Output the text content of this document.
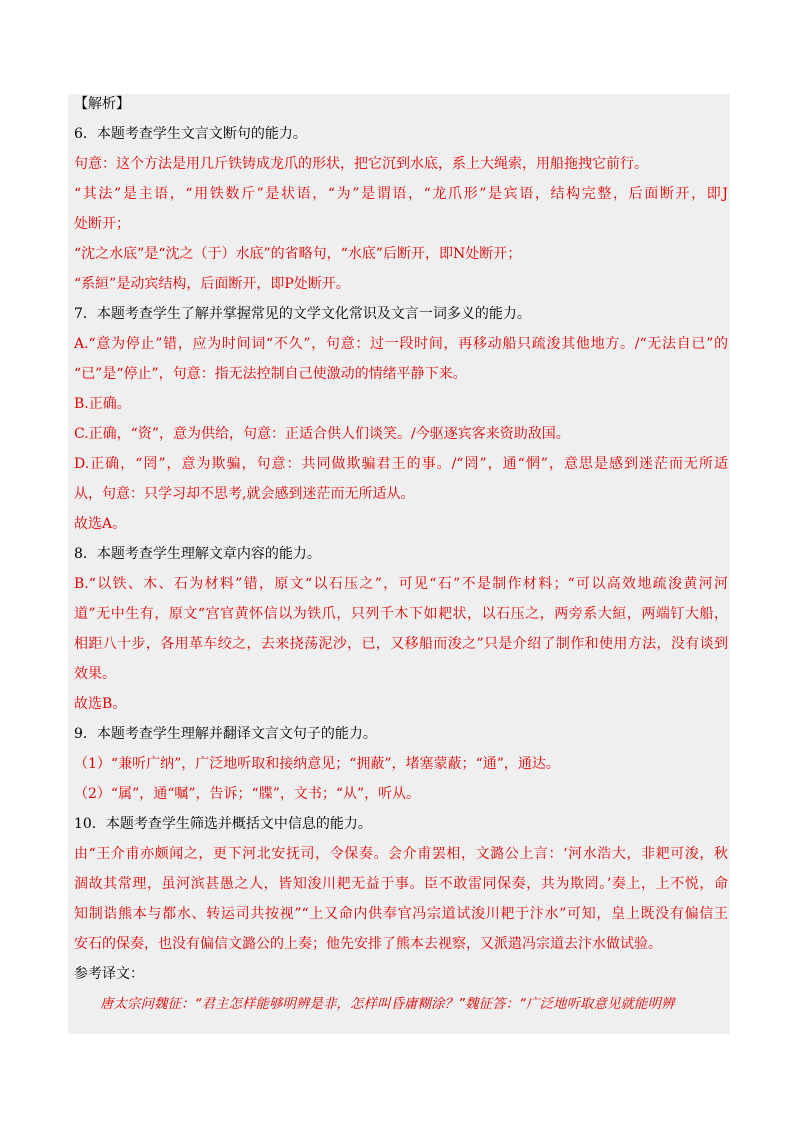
【解析】
6．本题考查学生文言文断句的能力。
句意：这个方法是用几斤铁铸成龙爪的形状，把它沉到水底，系上大绳索，用船拖拽它前行。
“其法”是主语，“用铁数斤”是状语，“为”是谓语，“龙爪形”是宾语，结构完整，后面断开，即J
处断开；
“沈之水底”是“沈之（于）水底”的省略句，“水底”后断开，即N处断开；
“系絙”是动宾结构，后面断开，即P处断开。
7．本题考查学生了解并掌握常见的文学文化常识及文言一词多义的能力。
A.“意为停止”错，应为时间词“不久”，句意：过一段时间，再移动船只疏浚其他地方。/“无法自已”的
“已”是“停止”，句意：指无法控制自己使激动的情绪平静下来。
B.正确。
C.正确，“资”，意为供给，句意：正适合供人们谈笑。/今驱逐宾客来资助敌国。
D.正确，“罔”，意为欺骗，句意：共同做欺骗君王的事。/“罔”，通“惘”，意思是感到迷茫而无所适
从，句意：只学习却不思考,就会感到迷茫而无所适从。
故选A。
8．本题考查学生理解文章内容的能力。
B.“以铁、木、石为材料”错，原文“以石压之”，可见“石”不是制作材料；“可以高效地疏浚黄河河
道”无中生有，原文“宫官黄怀信以为铁爪，只列千木下如耙状，以石压之，两旁系大絙，两端钉大船，
相距八十步，各用革车绞之，去来挠荡泥沙，已，又移船而浚之”只是介绍了制作和使用方法，没有谈到
效果。
故选B。
9．本题考查学生理解并翻译文言文句子的能力。
（1）“兼听广纳”，广泛地听取和接纳意见；“拥蔽”，堵塞蒙蔽；“通”，通达。
（2）“属”，通“嘱”，告诉；“牒”，文书；“从”，听从。
10．本题考查学生筛选并概括文中信息的能力。
由“王介甫亦颇闻之，更下河北安抚司，令保奏。会介甫罢相，文潞公上言：‘河水浩大，非耙可浚，秋
涸故其常理，虽河滨甚愚之人，皆知浚川耙无益于事。臣不敢雷同保奏，共为欺罔。’奏上，上不悦，命
知制诰熊本与都水、转运司共按视”“上又命内供奉官冯宗道试浚川耙于汴水”可知，皇上既没有偏信王
安石的保奏，也没有偏信文潞公的上奏；他先安排了熊本去视察，又派遣冯宗道去汴水做试验。
参考译文：
唐太宗问魏征：“君主怎样能够明辨是非，怎样叫昏庸糊涂？”魏征答：“广泛地听取意见就能明辨
